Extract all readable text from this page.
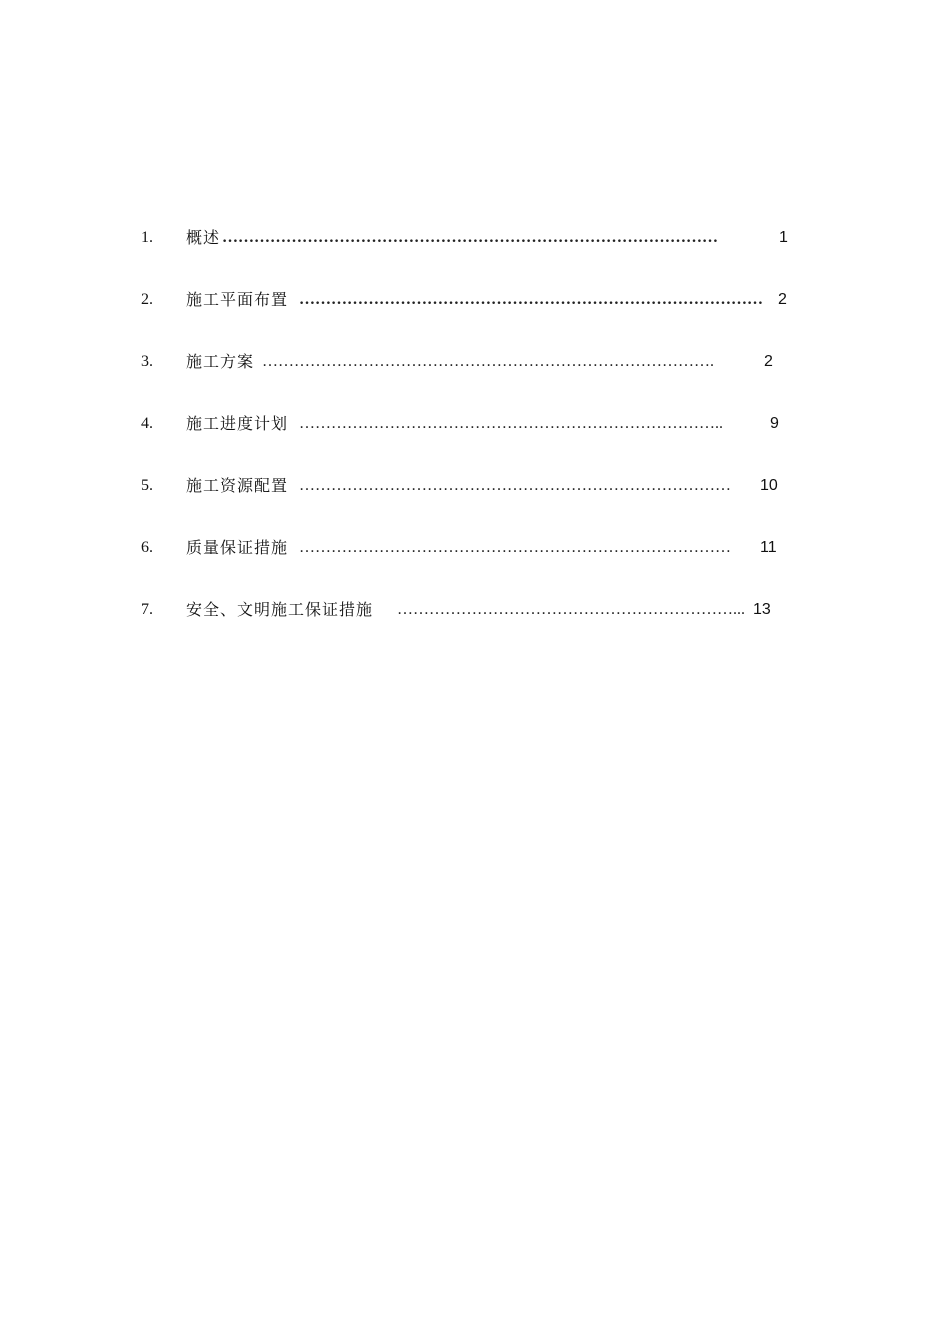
1. 概述 …………………………………………………………………………………	1
2. 施工平面布置 …………………………………………………………………………… 2
3. 施工方案 ………………………………………………………………………….	2
4. 施工进度计划 ……………………………………………………………………..	9
5. 施工资源配置 ………………………………………………………………………	10
6. 质量保证措施 ………………………………………………………………………	11
7. 安全、文明施工保证措施 ………………………………………………………... 13
